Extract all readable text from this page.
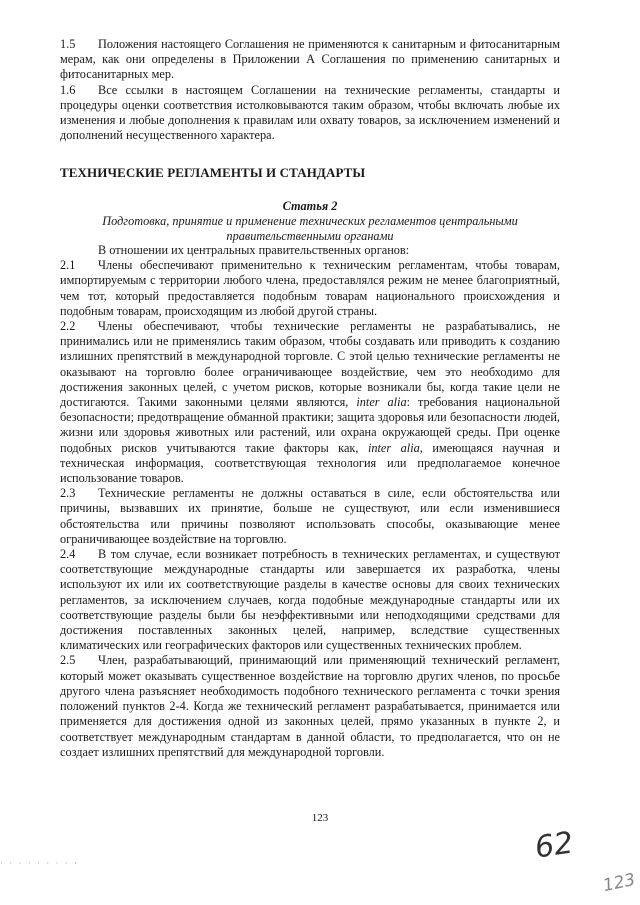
1.5 Положения настоящего Соглашения не применяются к санитарным и фитосанитарным мерам, как они определены в Приложении А Соглашения по применению санитарных и фитосанитарных мер.

1.6 Все ссылки в настоящем Соглашении на технические регламенты, стандарты и процедуры оценки соответствия истолковываются таким образом, чтобы включать любые их изменения и любые дополнения к правилам или охвату товаров, за исключением изменений и дополнений несущественного характера.

ТЕХНИЧЕСКИЕ РЕГЛАМЕНТЫ И СТАНДАРТЫ
Статья 2
Подготовка, принятие и применение технических регламентов центральными правительственными органами

В отношении их центральных правительственных органов:

2.1 Члены обеспечивают применительно к техническим регламентам, чтобы товарам, импортируемым с территории любого члена, предоставлялся режим не менее благоприятный, чем тот, который предоставляется подобным товарам национального происхождения и подобным товарам, происходящим из любой другой страны.

2.2 Члены обеспечивают, чтобы технические регламенты не разрабатывались, не принимались или не применялись таким образом, чтобы создавать или приводить к созданию излишних препятствий в международной торговле. С этой целью технические регламенты не оказывают на торговлю более ограничивающее воздействие, чем это необходимо для достижения законных целей, с учетом рисков, которые возникали бы, когда такие цели не достигаются. Такими законными целями являются, inter alia: требования национальной безопасности; предотвращение обманной практики; защита здоровья или безопасности людей, жизни или здоровья животных или растений, или охрана окружающей среды. При оценке подобных рисков учитываются такие факторы как, inter alia, имеющаяся научная и техническая информация, соответствующая технология или предполагаемое конечное использование товаров.

2.3 Технические регламенты не должны оставаться в силе, если обстоятельства или причины, вызвавших их принятие, больше не существуют, или если изменившиеся обстоятельства или причины позволяют использовать способы, оказывающие менее ограничивающее воздействие на торговлю.

2.4 В том случае, если возникает потребность в технических регламентах, и существуют соответствующие международные стандарты или завершается их разработка, члены используют их или их соответствующие разделы в качестве основы для своих технических регламентов, за исключением случаев, когда подобные международные стандарты или их соответствующие разделы были бы неэффективными или неподходящими средствами для достижения поставленных законных целей, например, вследствие существенных климатических или географических факторов или существенных технических проблем.

2.5 Член, разрабатывающий, принимающий или применяющий технический регламент, который может оказывать существенное воздействие на торговлю других членов, по просьбе другого члена разъясняет необходимость подобного технического регламента с точки зрения положений пунктов 2-4. Когда же технический регламент разрабатывается, принимается или применяется для достижения одной из законных целей, прямо указанных в пункте 2, и соответствует международным стандартам в данной области, то предполагается, что он не создает излишних препятствий для международной торговли.

123
· · · · · · · · ·	62
123
